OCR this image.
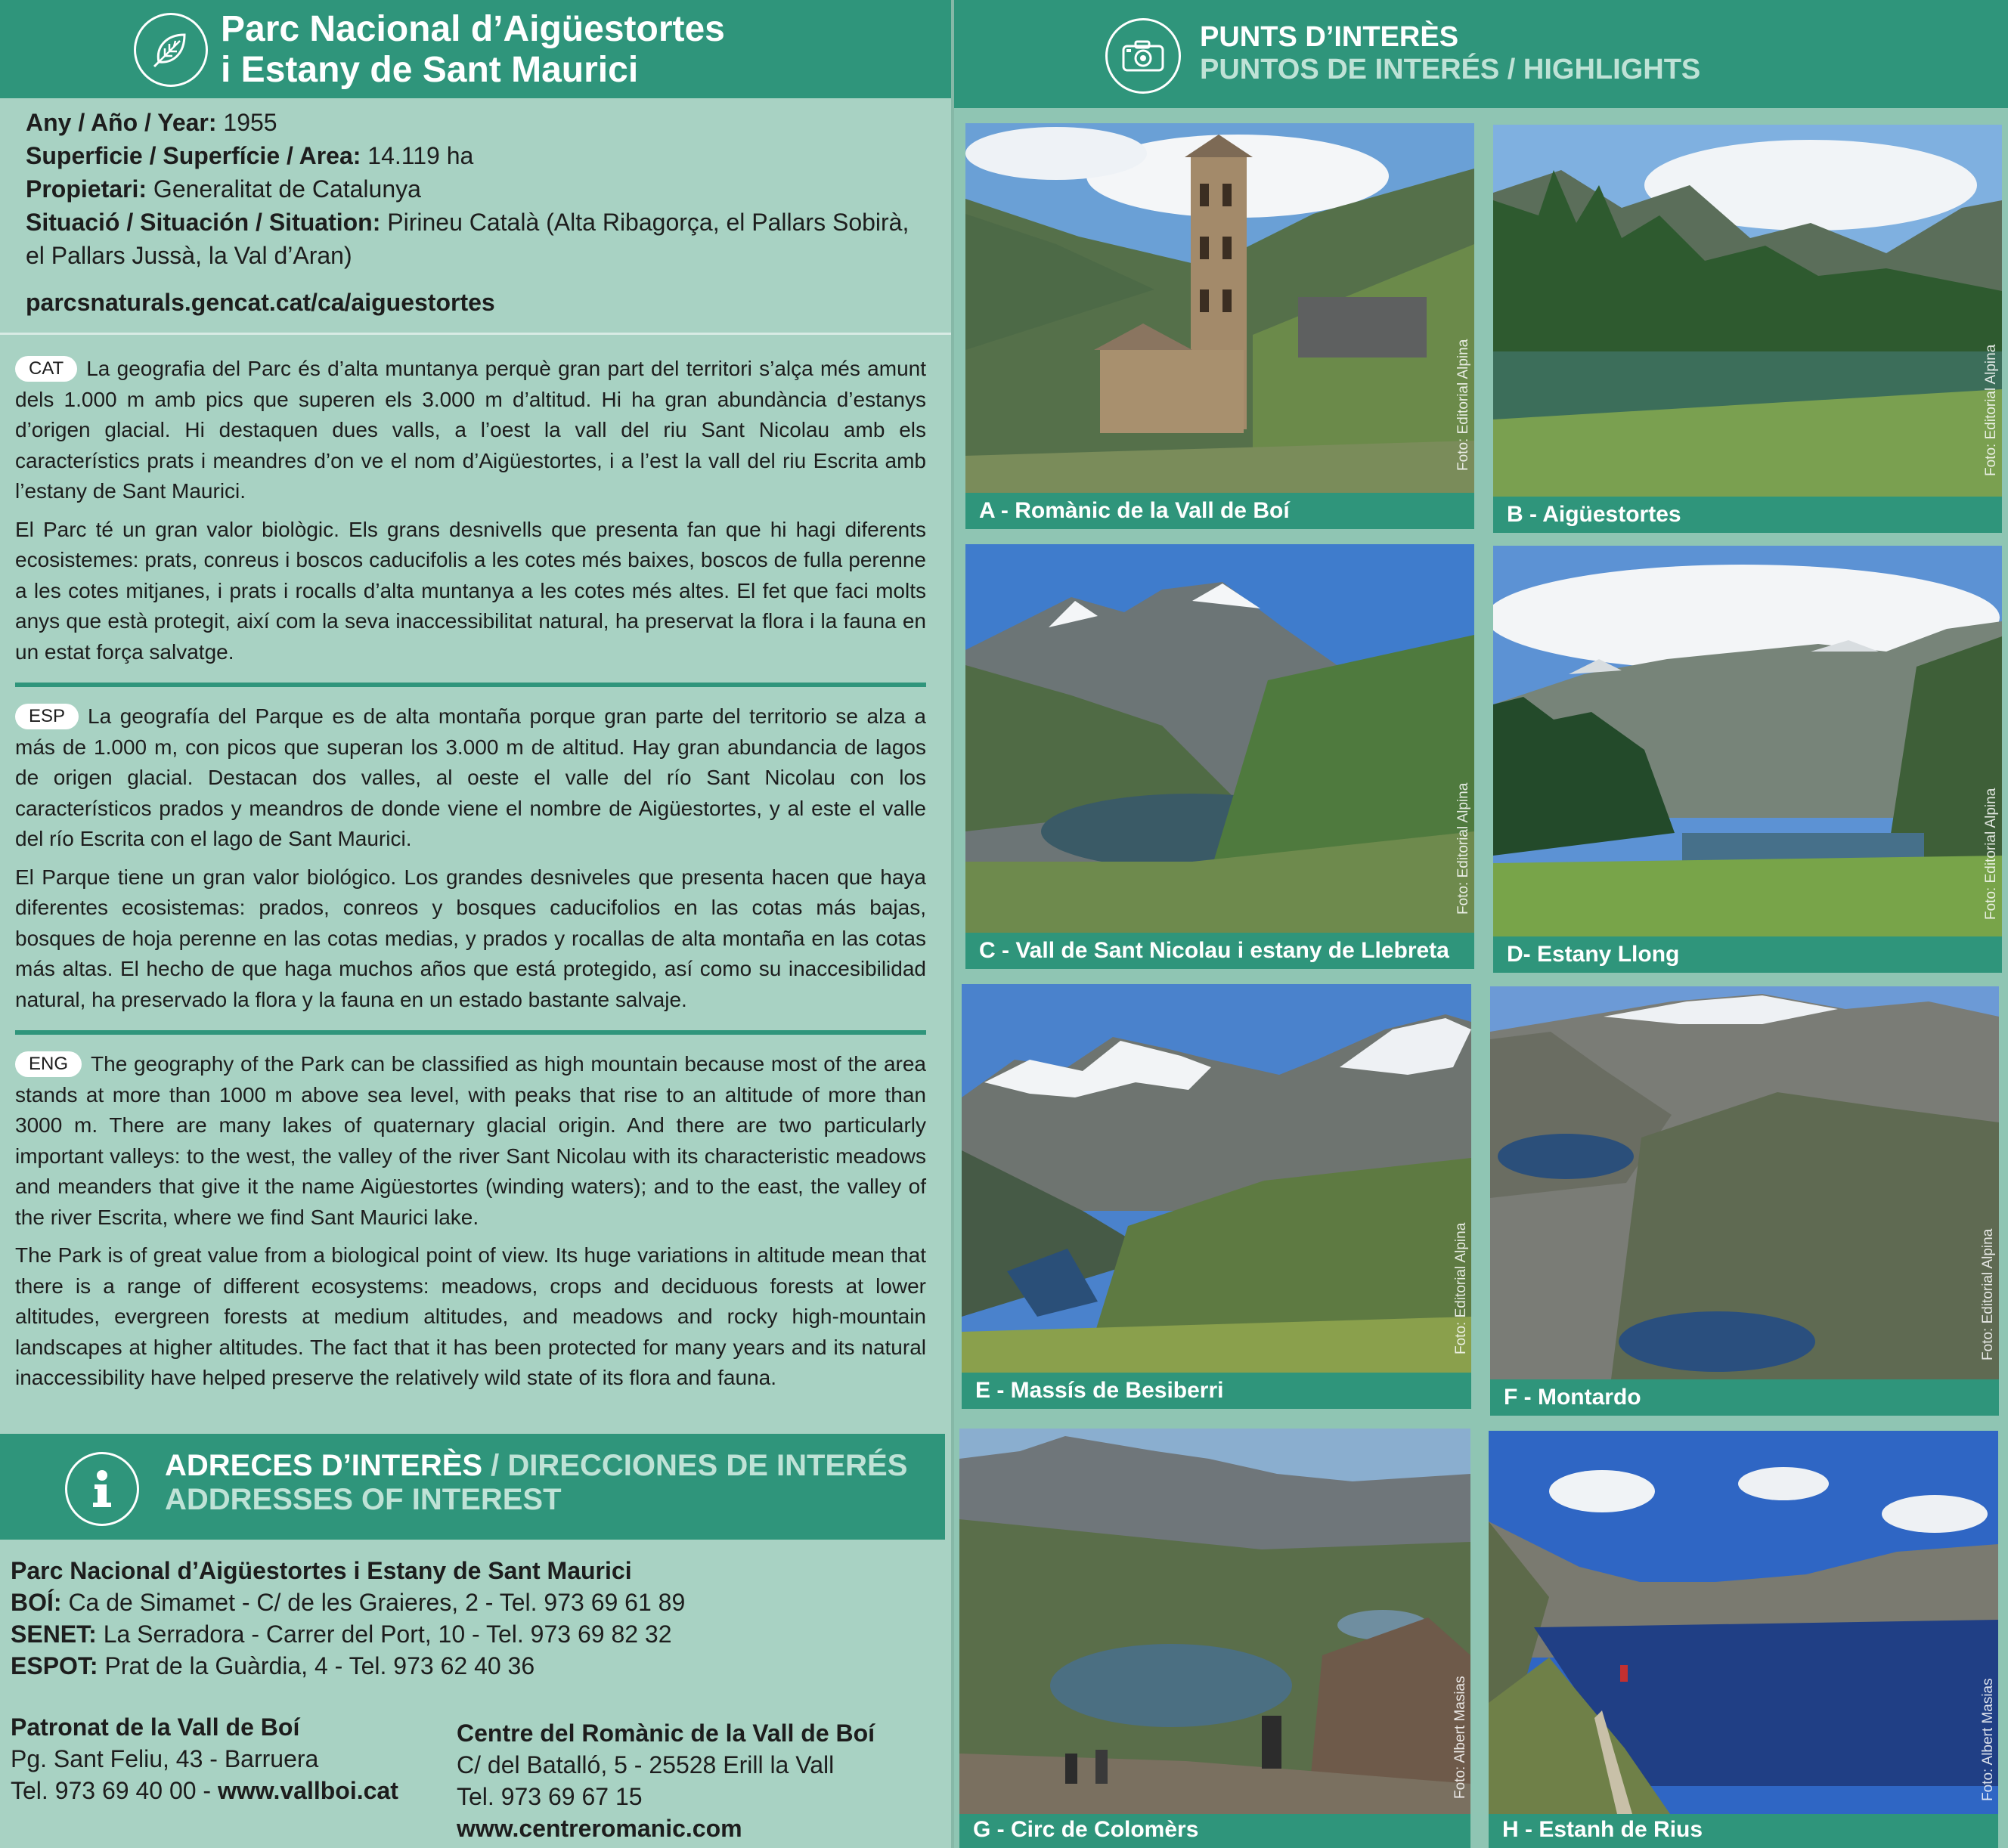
Parc Nacional d’Aigüestortes
i Estany de Sant Maurici
Any / Año / Year: 1955
Superficie / Superfície / Area: 14.119 ha
Propietari: Generalitat de Catalunya
Situació / Situación / Situation: Pirineu Català (Alta Ribagorça, el Pallars Sobirà, el Pallars Jussà, la Val d’Aran)
parcsnaturals.gencat.cat/ca/aiguestortes

CAT La geografia del Parc és d’alta muntanya perquè gran part del territori s’alça més amunt dels 1.000 m amb pics que superen els 3.000 m d’altitud. Hi ha gran abundància d’estanys d’origen glacial. Hi destaquen dues valls, a l’oest la vall del riu Sant Nicolau amb els característics prats i meandres d’on ve el nom d’Aigüestortes, i a l’est la vall del riu Escrita amb l’estany de Sant Maurici.

El Parc té un gran valor biològic. Els grans desnivells que presenta fan que hi hagi diferents ecosistemes: prats, conreus i boscos caducifolis a les cotes més baixes, boscos de fulla perenne a les cotes mitjanes, i prats i rocalls d’alta muntanya a les cotes més altes. El fet que faci molts anys que està protegit, així com la seva inaccessibilitat natural, ha preservat la flora i la fauna en un estat força salvatge.

ESP La geografía del Parque es de alta montaña porque gran parte del territorio se alza a más de 1.000 m, con picos que superan los 3.000 m de altitud. Hay gran abundancia de lagos de origen glacial. Destacan dos valles, al oeste el valle del río Sant Nicolau con los característicos prados y meandros de donde viene el nombre de Aigüestortes, y al este el valle del río Escrita con el lago de Sant Maurici.

El Parque tiene un gran valor biológico. Los grandes desniveles que presenta hacen que haya diferentes ecosistemas: prados, conreos y bosques caducifolios en las cotas más bajas, bosques de hoja perenne en las cotas medias, y prados y rocallas de alta montaña en las cotas más altas. El hecho de que haga muchos años que está protegido, así como su inaccesibilidad natural, ha preservado la flora y la fauna en un estado bastante salvaje.

ENG The geography of the Park can be classified as high mountain because most of the area stands at more than 1000 m above sea level, with peaks that rise to an altitude of more than 3000 m. There are many lakes of quaternary glacial origin. And there are two particularly important valleys: to the west, the valley of the river Sant Nicolau with its characteristic meadows and meanders that give it the name Aigüestortes (winding waters); and to the east, the valley of the river Escrita, where we find Sant Maurici lake.

The Park is of great value from a biological point of view. Its huge variations in altitude mean that there is a range of different ecosystems: meadows, crops and deciduous forests at lower altitudes, evergreen forests at medium altitudes, and meadows and rocky high-mountain landscapes at higher altitudes. The fact that it has been protected for many years and its natural inaccessibility have helped preserve the relatively wild state of its flora and fauna.

ADRECES D’INTERÈS / DIRECCIONES DE INTERÉS
ADDRESSES OF INTEREST
Parc Nacional d’Aigüestortes i Estany de Sant Maurici
BOÍ: Ca de Simamet - C/ de les Graieres, 2 - Tel. 973 69 61 89
SENET: La Serradora - Carrer del Port, 10 - Tel. 973 69 82 32
ESPOT: Prat de la Guàrdia, 4 - Tel. 973 62 40 36
Patronat de la Vall de Boí
Pg. Sant Feliu, 43 - Barruera
Tel. 973 69 40 00 - www.vallboi.cat
Centre del Romànic de la Vall de Boí
C/ del Batalló, 5 - 25528 Erill la Vall
Tel. 973 69 67 15
www.centreromanic.com
PUNTS D’INTERÈS
PUNTOS DE INTERÉS / HIGHLIGHTS
Foto: Editorial Alpina
A - Romànic de la Vall de Boí
Foto: Editorial Alpina
B - Aigüestortes
Foto: Editorial Alpina
C - Vall de Sant Nicolau i estany de Llebreta
Foto: Editorial Alpina
D- Estany Llong
Foto: Editorial Alpina
E - Massís de Besiberri
Foto: Editorial Alpina
F - Montardo
Foto: Albert Masias
G - Circ de Colomèrs
Foto: Albert Masias
H - Estanh de Rius
